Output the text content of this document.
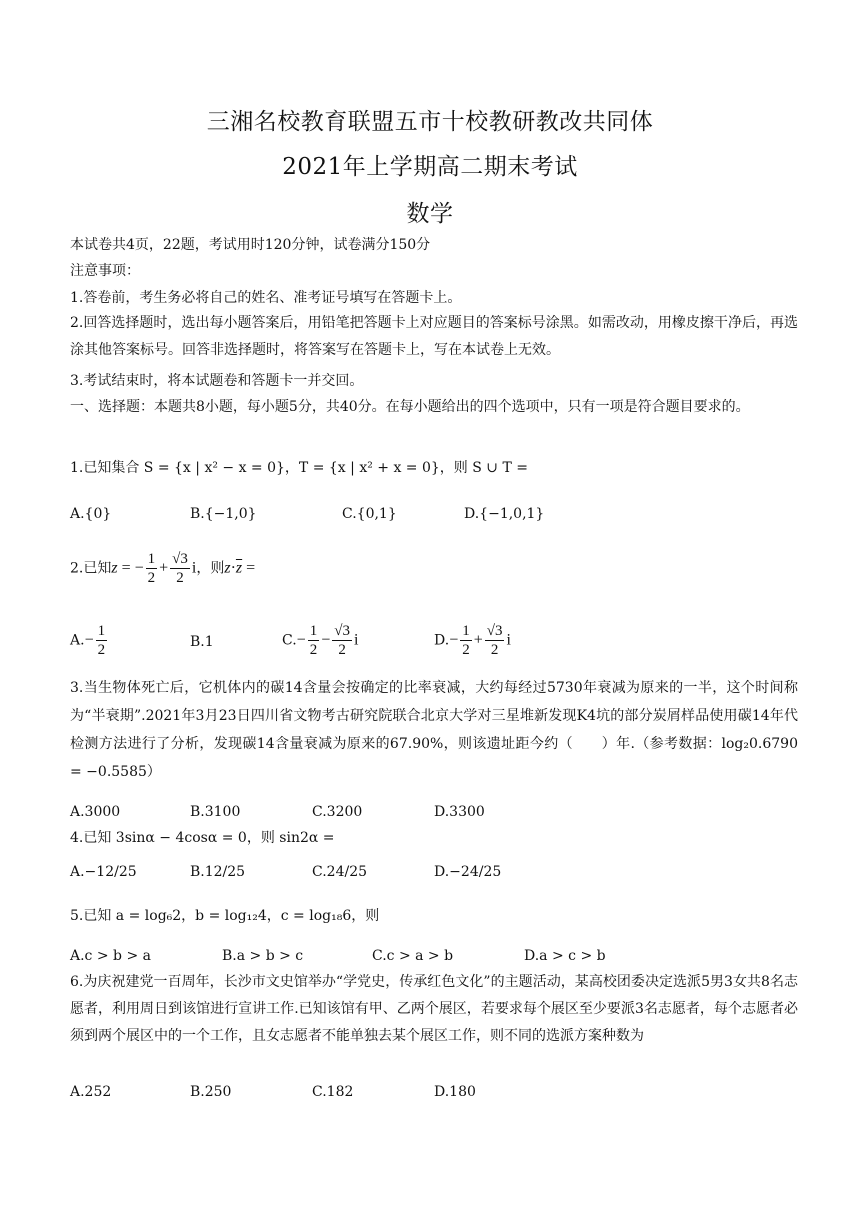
三湘名校教育联盟五市十校教研教改共同体
2021年上学期高二期末考试
数学
本试卷共4页，22题，考试用时120分钟，试卷满分150分
注意事项：
1.答卷前，考生务必将自己的姓名、准考证号填写在答题卡上。
2.回答选择题时，选出每小题答案后，用铅笔把答题卡上对应题目的答案标号涂黑。如需改动，用橡皮擦干净后，再选涂其他答案标号。回答非选择题时，将答案写在答题卡上，写在本试卷上无效。
3.考试结束时，将本试题卷和答题卡一并交回。
一、选择题：本题共8小题，每小题5分，共40分。在每小题给出的四个选项中，只有一项是符合题目要求的。
1.已知集合 S = {x | x² − x = 0}，T = {x | x² + x = 0}，则 S ∪ T =
A.{0}	B.{−1,0}	C.{0,1}	D.{−1,0,1}
2.已知z = − $\frac{1}{2} + \frac{√3}{2}$ i，则$z\cdot\overline{z}$ =
$A.- \frac{1}{2}$	B.1	$C.- \frac{1}{2} - \frac{√3}{2}$ i	$D.- \frac{1}{2} + \frac{√3}{2}$ i
3.当生物体死亡后，它机体内的碳14含量会按确定的比率衰减，大约每经过5730年衰减为原来的一半，这个时间称为“半衰期”.2021年3月23日四川省文物考古研究院联合北京大学对三星堆新发现K4坑的部分炭屑样品使用碳14年代检测方法进行了分析，发现碳14含量衰减为原来的67.90%，则该遗址距今约（　　）年.（参考数据：log₂0.6790 = −0.5585）
A.3000	B.3100	C.3200	D.3300
4.已知 3sinα − 4cosα = 0，则 sin2α =
A.−12/25	B.12/25	C.24/25	D.−24/25
5.已知 a = log₆2，b = log₁₂4，c = log₁₈6，则
A.c > b > a	B.a > b > c	C.c > a > b	D.a > c > b
6.为庆祝建党一百周年，长沙市文史馆举办“学党史，传承红色文化”的主题活动，某高校团委决定选派5男3女共8名志愿者，利用周日到该馆进行宣讲工作.已知该馆有甲、乙两个展区，若要求每个展区至少要派3名志愿者，每个志愿者必须到两个展区中的一个工作，且女志愿者不能单独去某个展区工作，则不同的选派方案种数为
A.252	B.250	C.182	D.180
